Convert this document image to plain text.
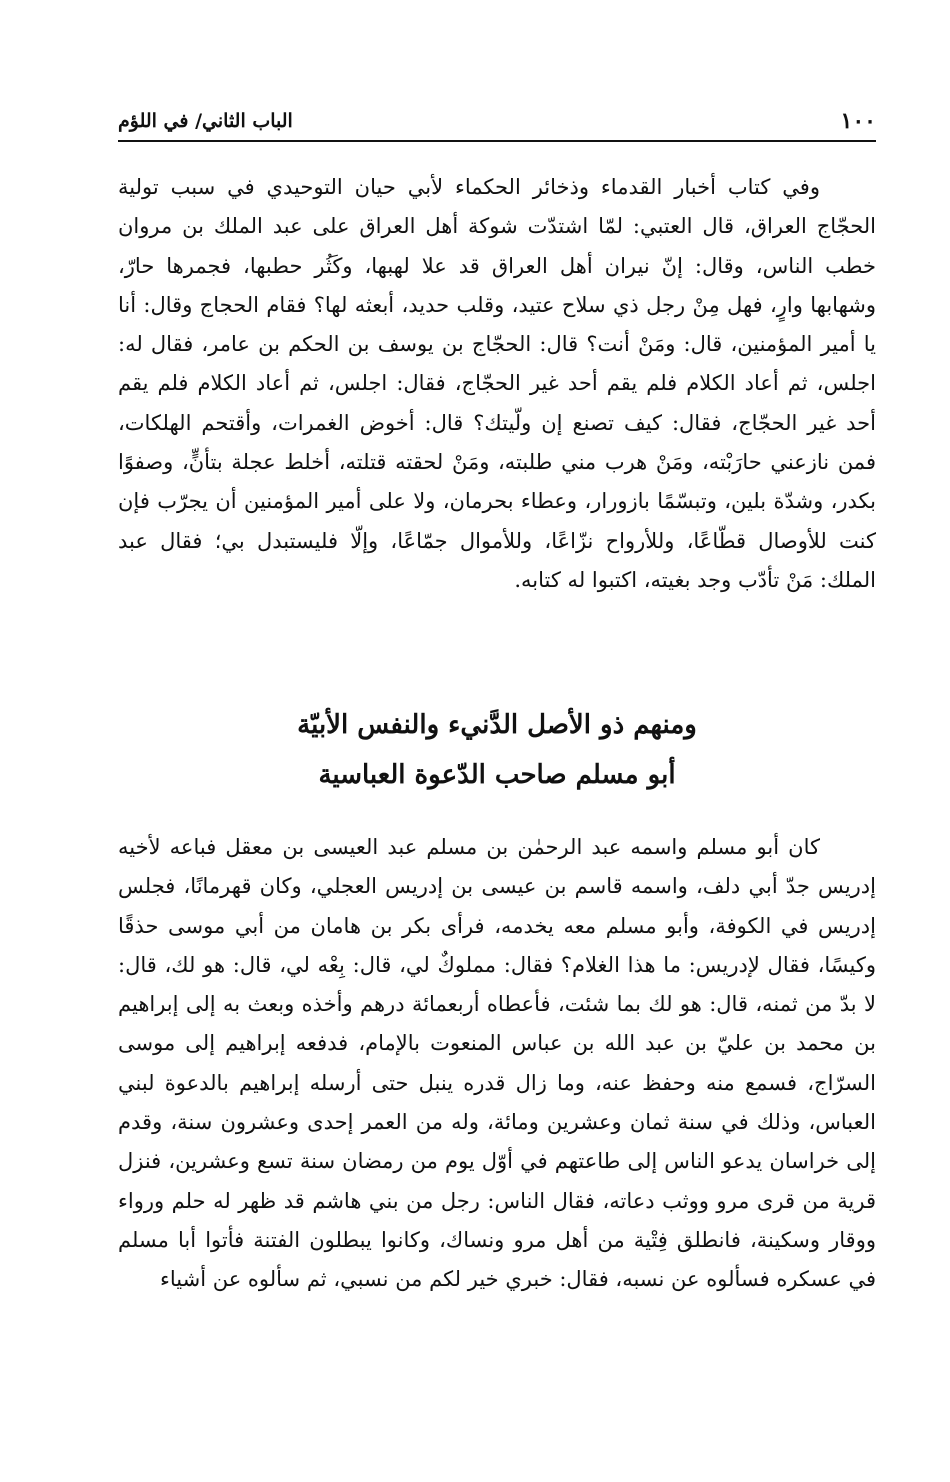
١٠٠
الباب الثاني/ في اللؤم

وفي كتاب أخبار القدماء وذخائر الحكماء لأبي حيان التوحيدي في سبب تولية الحجّاج العراق، قال العتبي: لمّا اشتدّت شوكة أهل العراق على عبد الملك بن مروان خطب الناس، وقال: إنّ نيران أهل العراق قد علا لهبها، وكَثُر حطبها، فجمرها حارّ، وشهابها وارٍ، فهل مِنْ رجل ذي سلاح عتيد، وقلب حديد، أبعثه لها؟ فقام الحجاج وقال: أنا يا أمير المؤمنين، قال: ومَنْ أنت؟ قال: الحجّاج بن يوسف بن الحكم بن عامر، فقال له: اجلس، ثم أعاد الكلام فلم يقم أحد غير الحجّاج، فقال: اجلس، ثم أعاد الكلام فلم يقم أحد غير الحجّاج، فقال: كيف تصنع إن ولّيتك؟ قال: أخوض الغمرات، وأقتحم الهلكات، فمن نازعني حارَبْته، ومَنْ هرب مني طلبته، ومَنْ لحقته قتلته، أخلط عجلة بتأنٍّ، وصفوًا بكدر، وشدّة بلين، وتبسّمًا بازورار، وعطاء بحرمان، ولا على أمير المؤمنين أن يجرّب فإن كنت للأوصال قطّاعًا، وللأرواح نزّاعًا، وللأموال جمّاعًا، وإلّا فليستبدل بي؛ فقال عبد الملك: مَنْ تأدّب وجد بغيته، اكتبوا له كتابه.

ومنهم ذو الأصل الدَّنيء والنفس الأبيّة
أبو مسلم صاحب الدّعوة العباسية

كان أبو مسلم واسمه عبد الرحمٰن بن مسلم عبد العيسى بن معقل فباعه لأخيه إدريس جدّ أبي دلف، واسمه قاسم بن عيسى بن إدريس العجلي، وكان قهرمانًا، فجلس إدريس في الكوفة، وأبو مسلم معه يخدمه، فرأى بكر بن هامان من أبي موسى حذقًا وكيسًا، فقال لإدريس: ما هذا الغلام؟ فقال: مملوكٌ لي، قال: بِعْه لي، قال: هو لك، قال: لا بدّ من ثمنه، قال: هو لك بما شئت، فأعطاه أربعمائة درهم وأخذه وبعث به إلى إبراهيم بن محمد بن عليّ بن عبد الله بن عباس المنعوت بالإمام، فدفعه إبراهيم إلى موسى السرّاج، فسمع منه وحفظ عنه، وما زال قدره ينبل حتى أرسله إبراهيم بالدعوة لبني العباس، وذلك في سنة ثمان وعشرين ومائة، وله من العمر إحدى وعشرون سنة، وقدم إلى خراسان يدعو الناس إلى طاعتهم في أوّل يوم من رمضان سنة تسع وعشرين، فنزل قرية من قرى مرو ووثب دعاته، فقال الناس: رجل من بني هاشم قد ظهر له حلم ورواء ووقار وسكينة، فانطلق فِتْية من أهل مرو ونساك، وكانوا يبطلون الفتنة فأتوا أبا مسلم في عسكره فسألوه عن نسبه، فقال: خبري خير لكم من نسبي، ثم سألوه عن أشياء
